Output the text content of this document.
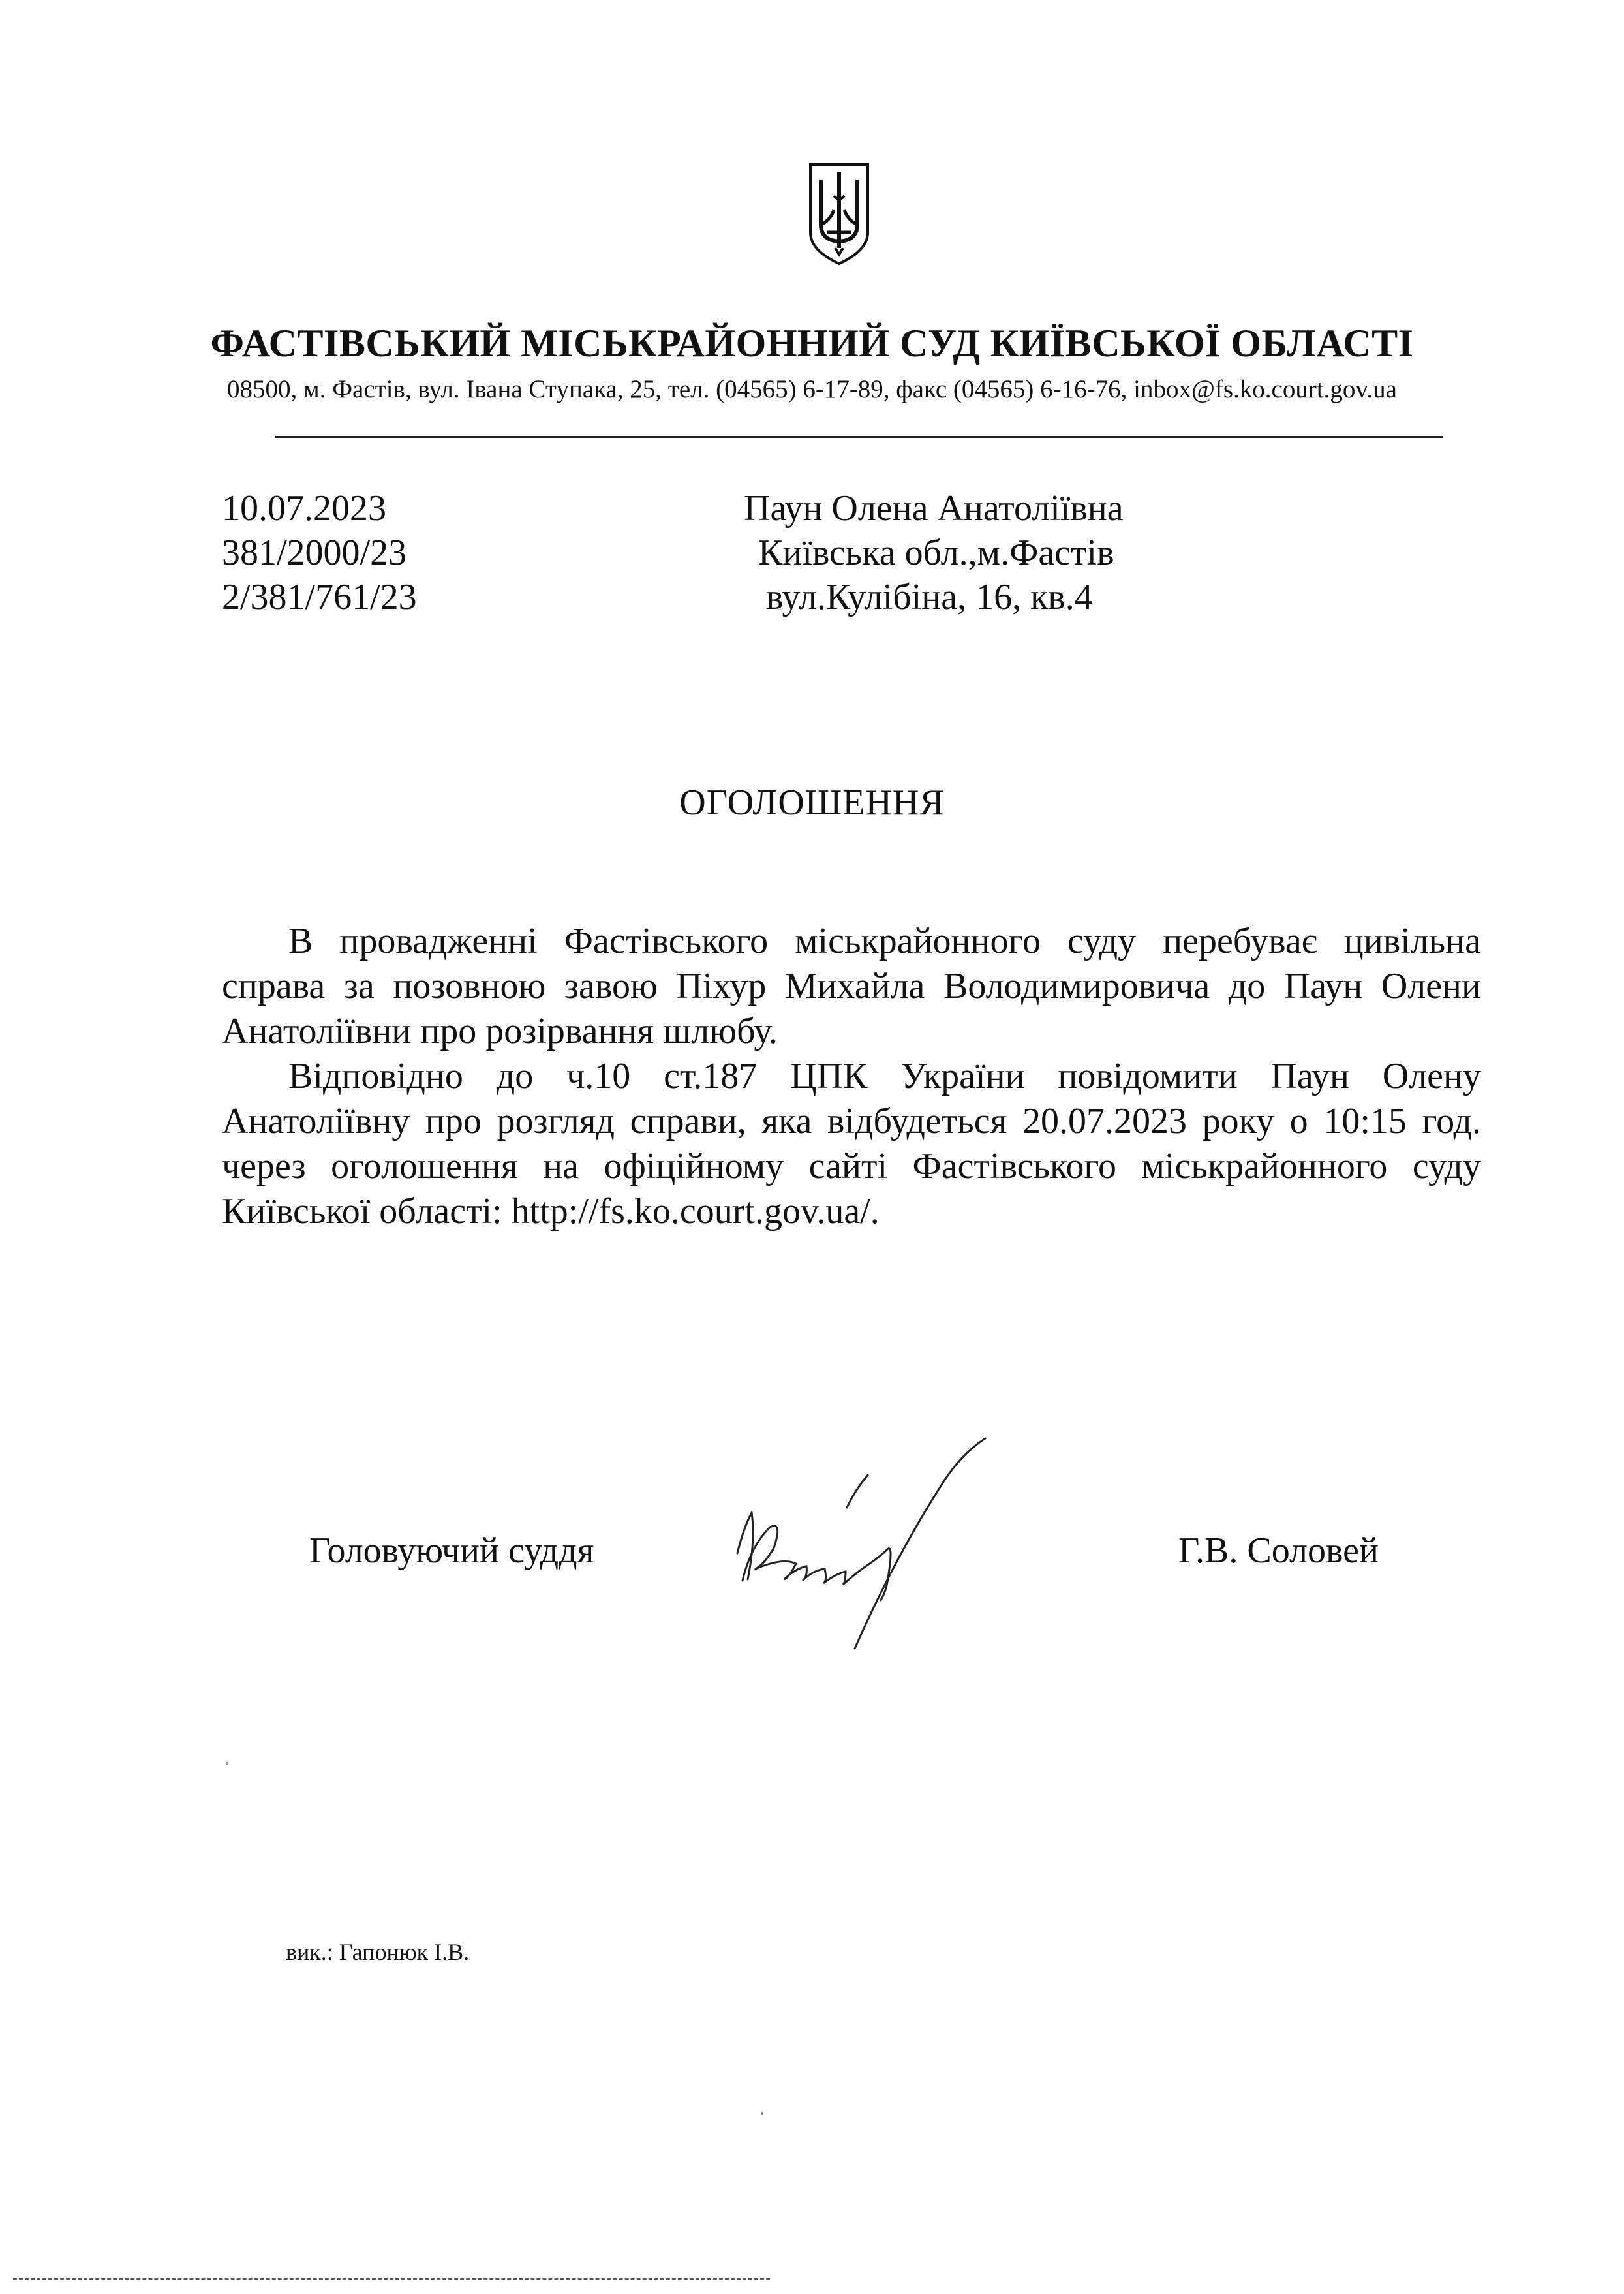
ФАСТІВСЬКИЙ МІСЬКРАЙОННИЙ СУД КИЇВСЬКОЇ ОБЛАСТІ
08500, м. Фастів, вул. Івана Ступака, 25, тел. (04565) 6-17-89, факс (04565) 6-16-76, inbox@fs.ko.court.gov.ua
10.07.2023
381/2000/23
2/381/761/23
Паун Олена Анатоліївна
Київська обл.,м.Фастів
вул.Кулібіна, 16, кв.4
ОГОЛОШЕННЯ

В провадженні Фастівського міськрайонного суду перебуває цивільна справа за позовною завою Піхур Михайла Володимировича до Паун Олени Анатоліївни про розірвання шлюбу.

Відповідно до ч.10 ст.187 ЦПК України повідомити Паун Олену Анатоліївну про розгляд справи, яка відбудеться 20.07.2023 року о 10:15 год. через оголошення на офіційному сайті Фастівського міськрайонного суду Київської області: http://fs.ko.court.gov.ua/.

Головуючий суддя	Г.В. Соловей
вик.: Гапонюк І.В.
